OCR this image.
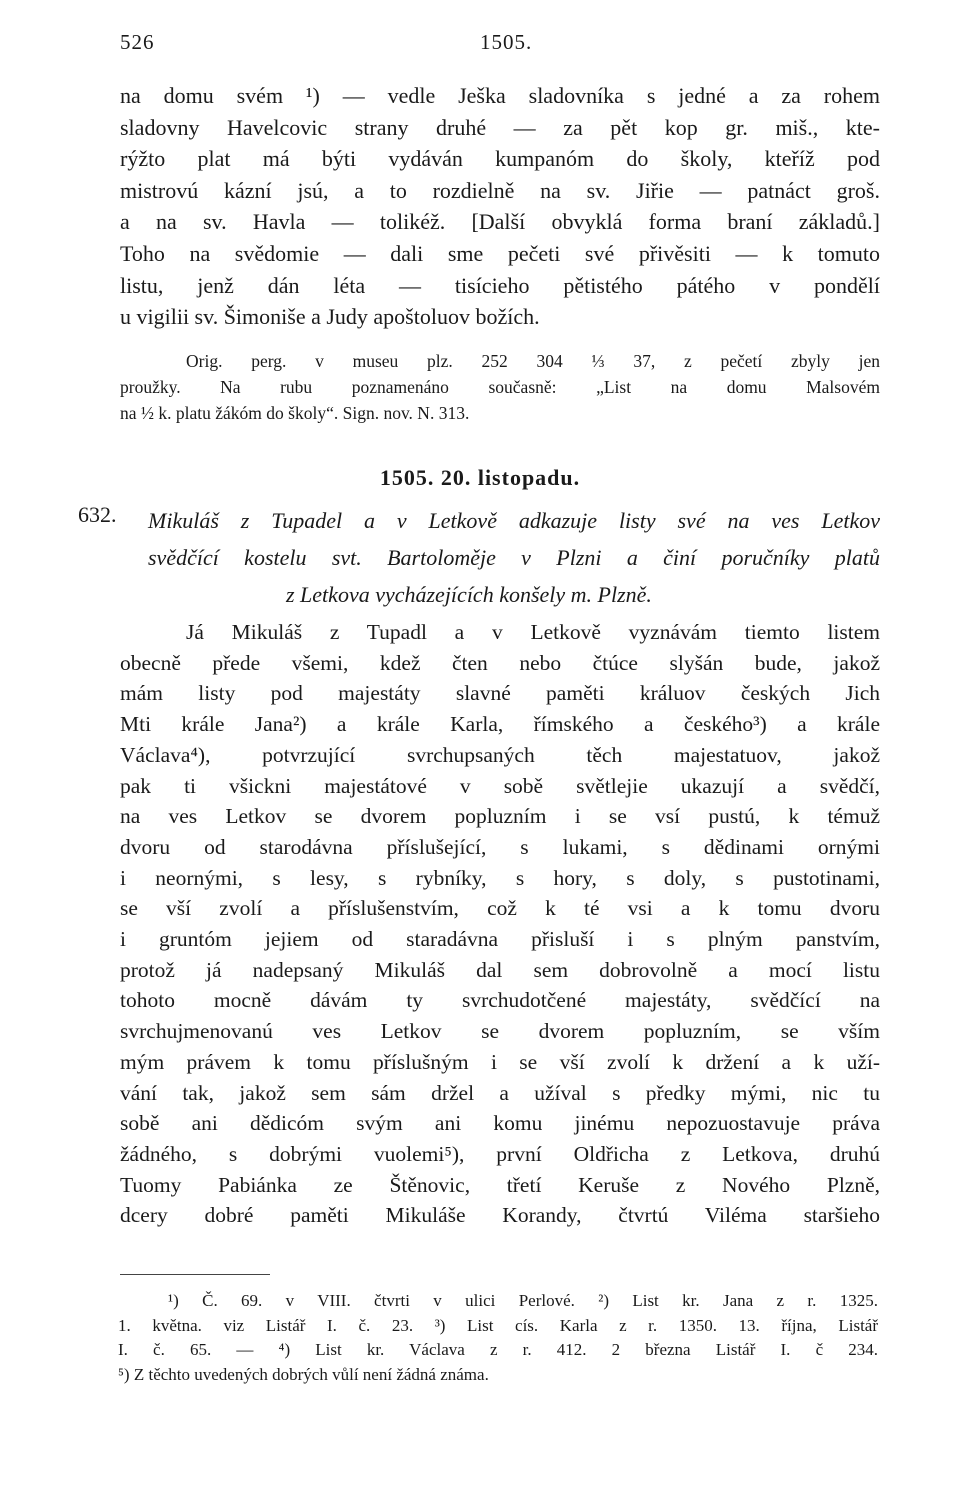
526	1505.
na domu svém ¹) — vedle Ješka sladovníka s jedné a za rohem
sladovny Havelcovic strany druhé — za pět kop gr. miš., kte-
rýžto plat má býti vydáván kumpanóm do školy, kteříž pod
mistrovú kázní jsú, a to rozdielně na sv. Jiřie — patnáct groš.
a na sv. Havla — tolikéž. [Další obvyklá forma braní základů.]
Toho na svědomie — dali sme pečeti své přivěsiti — k tomuto
listu, jenž dán léta — tisícieho pětistého pátého v pondělí
u vigilii sv. Šimoniše a Judy apoštoluov božích.
Orig. perg. v museu plz. 252 304 ⅓ 37, z pečetí zbyly jen
proužky. Na rubu poznamenáno současně: „List na domu Malsovém
na ½ k. platu žákóm do školy“. Sign. nov. N. 313.
1505. 20. listopadu.
632. Mikuláš z Tupadel a v Letkově adkazuje listy své na ves Letkov
svědčící kostelu svt. Bartoloměje v Plzni a činí poručníky platů
z Letkova vycházejících konšely m. Plzně.
Já Mikuláš z Tupadl a v Letkově vyznávám tiemto listem
obecně přede všemi, kdež čten nebo čtúce slyšán bude, jakož
mám listy pod majestáty slavné paměti králuov českých Jich
Mti krále Jana²) a krále Karla, římského a českého³) a krále
Václava⁴), potvrzující svrchupsaných těch majestatuov, jakož
pak ti všickni majestátové v sobě světlejie ukazují a svědčí,
na ves Letkov se dvorem popluzním i se vsí pustú, k témuž
dvoru od starodávna příslušející, s lukami, s dědinami ornými
i neornými, s lesy, s rybníky, s hory, s doly, s pustotinami,
se vší zvolí a příslušenstvím, což k té vsi a k tomu dvoru
i gruntóm jejiem od staradávna přisluší i s plným panstvím,
protož já nadepsaný Mikuláš dal sem dobrovolně a mocí listu
tohoto mocně dávám ty svrchudotčené majestáty, svědčící na
svrchujmenovanú ves Letkov se dvorem popluzním, se vším
mým právem k tomu příslušným i se vší zvolí k držení a k uží-
vání tak, jakož sem sám držel a užíval s předky mými, nic tu
sobě ani dědicóm svým ani komu jinému nepozuostavuje práva
žádného, s dobrými vuolemi⁵), první Oldřicha z Letkova, druhú
Tuomy Pabiánka ze Štěnovic, třetí Keruše z Nového Plzně,
dcery dobré paměti Mikuláše Korandy, čtvrtú Viléma staršieho
¹) Č. 69. v VIII. čtvrti v ulici Perlové. ²) List kr. Jana z r. 1325.
1. května. viz Listář I. č. 23. ³) List cís. Karla z r. 1350. 13. října, Listář
I. č. 65. — ⁴) List kr. Václava z r. 412. 2 března Listář I. č 234.
⁵) Z těchto uvedených dobrých vůlí není žádná známa.
